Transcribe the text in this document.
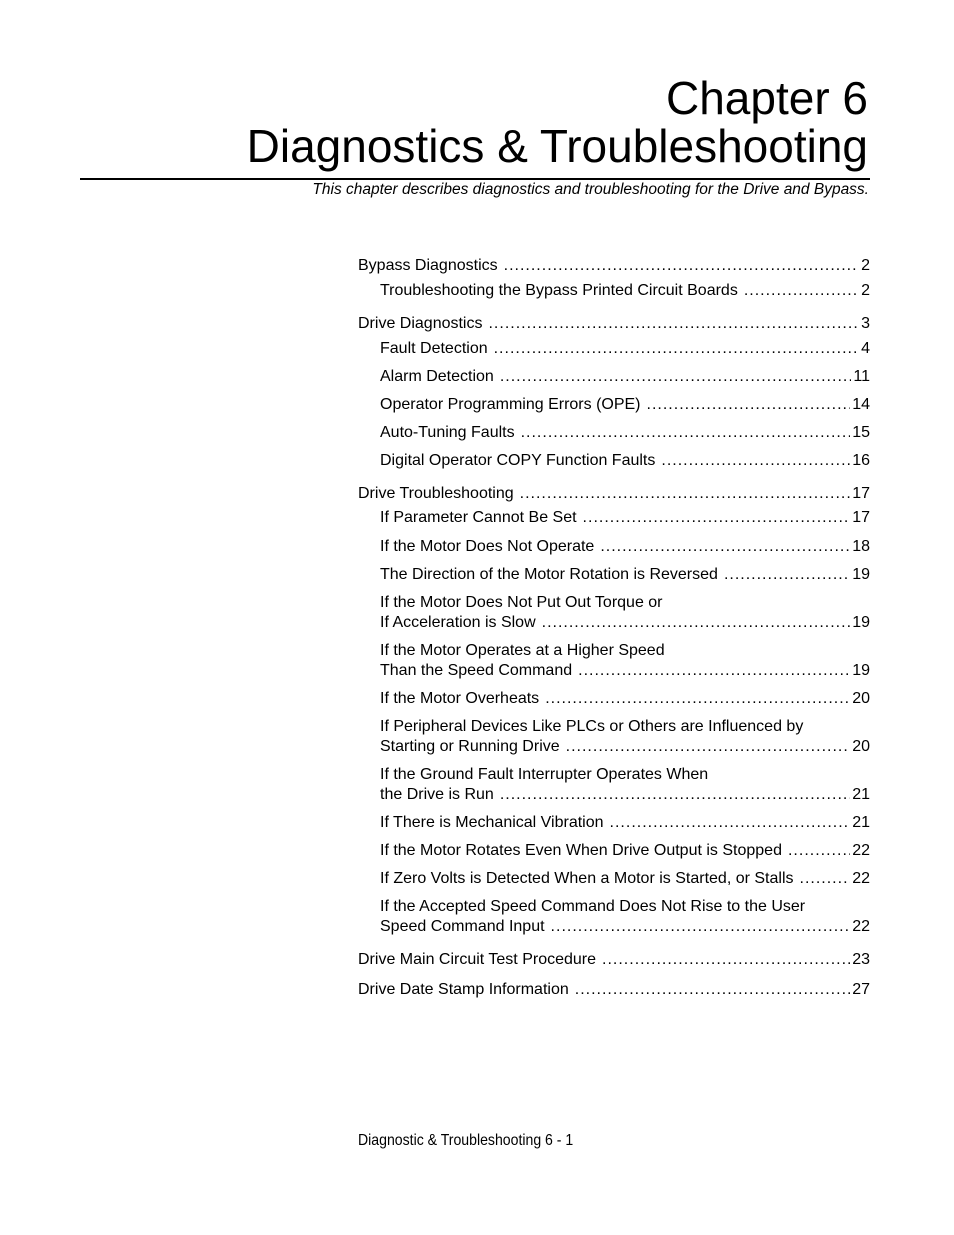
Chapter 6
Diagnostics & Troubleshooting
This chapter describes diagnostics and troubleshooting for the Drive and Bypass.
Bypass Diagnostics .....	2
Troubleshooting the Bypass Printed Circuit Boards .....	2
Drive Diagnostics .....	3
Fault Detection .....	4
Alarm Detection .....	11
Operator Programming Errors (OPE) .....	14
Auto-Tuning Faults .....	15
Digital Operator COPY Function Faults .....	16
Drive Troubleshooting .....	17
If Parameter Cannot Be Set .....	17
If the Motor Does Not Operate .....	18
The Direction of the Motor Rotation is Reversed .....	19
If the Motor Does Not Put Out Torque or
If Acceleration is Slow .....	19
If the Motor Operates at a Higher Speed
Than the Speed Command .....	19
If the Motor Overheats .....	20
If Peripheral Devices Like PLCs or Others are Influenced by
Starting or Running Drive .....	20
If the Ground Fault Interrupter Operates When
the Drive is Run .....	21
If There is Mechanical Vibration .....	21
If the Motor Rotates Even When Drive Output is Stopped .....	22
If Zero Volts is Detected When a Motor is Started, or Stalls .....	22
If the Accepted Speed Command Does Not Rise to the User
Speed Command Input .....	22
Drive Main Circuit Test Procedure .....	23
Drive Date Stamp Information .....	27
Diagnostic & Troubleshooting 6 - 1
